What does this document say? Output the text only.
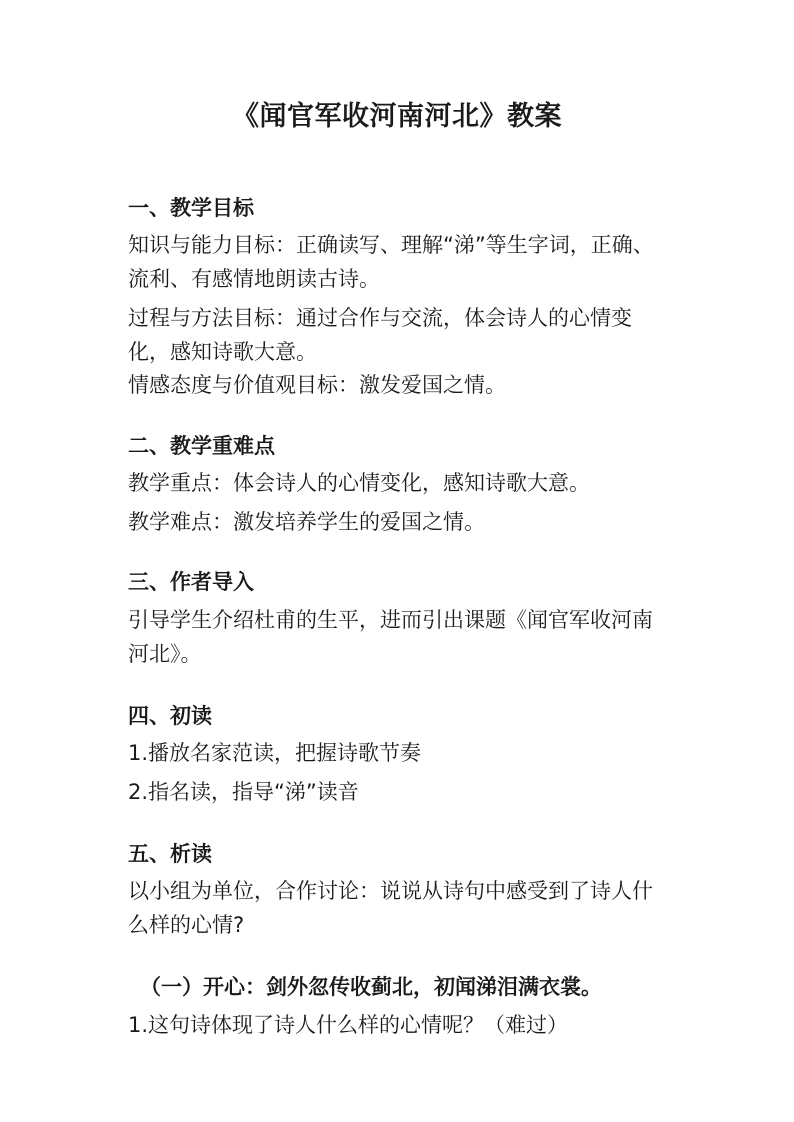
《闻官军收河南河北》教案
一、教学目标
知识与能力目标：正确读写、理解“涕”等生字词，正确、
流利、有感情地朗读古诗。
过程与方法目标：通过合作与交流，体会诗人的心情变
化，感知诗歌大意。
情感态度与价值观目标：激发爱国之情。
二、教学重难点
教学重点：体会诗人的心情变化，感知诗歌大意。
教学难点：激发培养学生的爱国之情。
三、作者导入
引导学生介绍杜甫的生平，进而引出课题《闻官军收河南
河北》。
四、初读
1.播放名家范读，把握诗歌节奏
2.指名读，指导“涕”读音
五、析读
以小组为单位，合作讨论：说说从诗句中感受到了诗人什
么样的心情?
（一）开心：剑外忽传收蓟北，初闻涕泪满衣裳。
1.这句诗体现了诗人什么样的心情呢？（难过）
